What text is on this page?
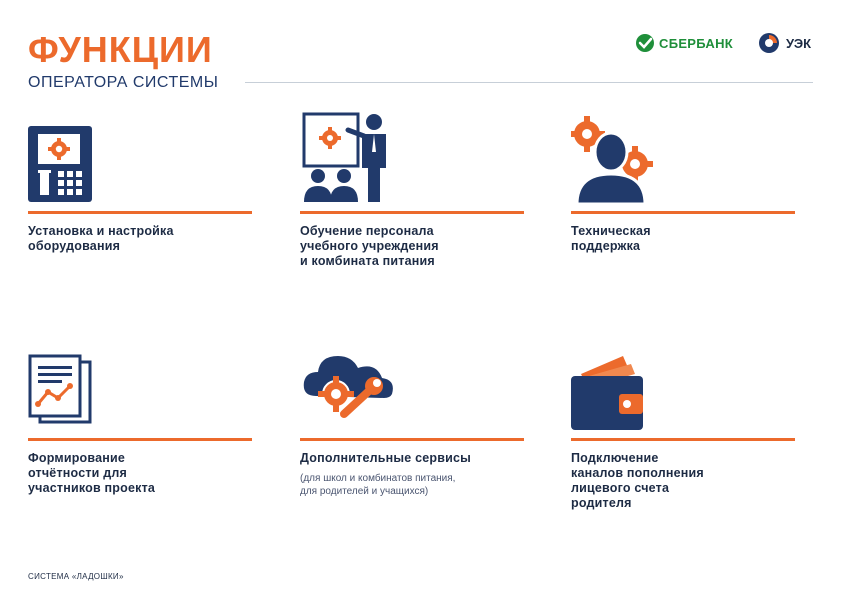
ФУНКЦИИ
ОПЕРАТОРА СИСТЕМЫ
СБЕРБАНК	УЭК
Установка и настройка
оборудования
Обучение персонала
учебного учреждения
и комбината питания
Техническая
поддержка
Формирование
отчётности для
участников проекта
Дополнительные сервисы
(для школ и комбинатов питания,
для родителей и учащихся)
Подключение
каналов пополнения
лицевого счета
родителя
СИСТЕМА «ЛАДОШКИ»
